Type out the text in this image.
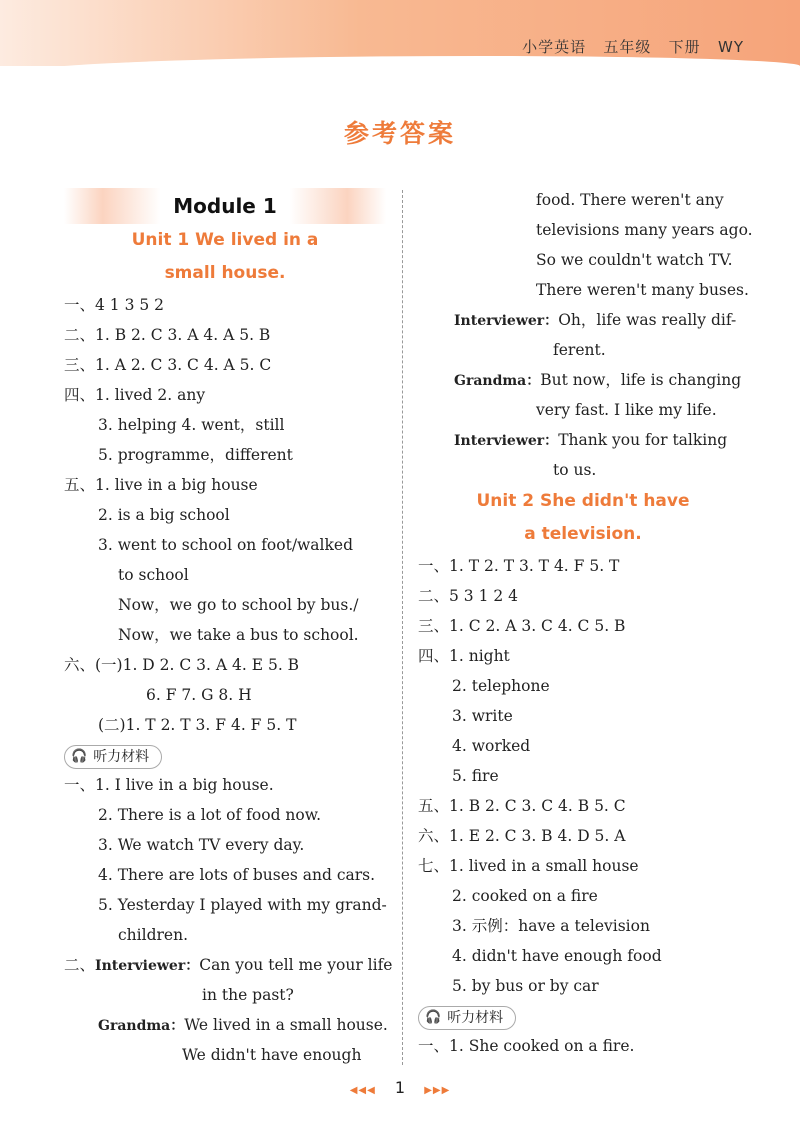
小学英语   五年级   下册   WY
参考答案
Module 1
Unit 1 We lived in a
small house.
一、4 1 3 5 2
二、1. B 2. C 3. A 4. A 5. B
三、1. A 2. C 3. C 4. A 5. C
四、1. lived 2. any
3. helping 4. went，still
5. programme，different
五、1. live in a big house
2. is a big school
3. went to school on foot/walked
to school
Now，we go to school by bus./
Now，we take a bus to school.
六、(一)1. D 2. C 3. A 4. E 5. B
6. F 7. G 8. H
(二)1. T 2. T 3. F 4. F 5. T
🎧 听力材料
一、1. I live in a big house.
2. There is a lot of food now.
3. We watch TV every day.
4. There are lots of buses and cars.
5. Yesterday I played with my grand-
children.
二、Interviewer：Can you tell me your life
in the past?
Grandma：We lived in a small house.
We didn't have enough
food. There weren't any
televisions many years ago.
So we couldn't watch TV.
There weren't many buses.
Interviewer：Oh，life was really dif-
ferent.
Grandma：But now，life is changing
very fast. I like my life.
Interviewer：Thank you for talking
to us.
Unit 2 She didn't have
a television.
一、1. T 2. T 3. T 4. F 5. T
二、5 3 1 2 4
三、1. C 2. A 3. C 4. C 5. B
四、1. night
2. telephone
3. write
4. worked
5. fire
五、1. B 2. C 3. C 4. B 5. C
六、1. E 2. C 3. B 4. D 5. A
七、1. lived in a small house
2. cooked on a fire
3. 示例：have a television
4. didn't have enough food
5. by bus or by car
🎧 听力材料
一、1. She cooked on a fire.
◀◀◀ 1 ▶▶▶
